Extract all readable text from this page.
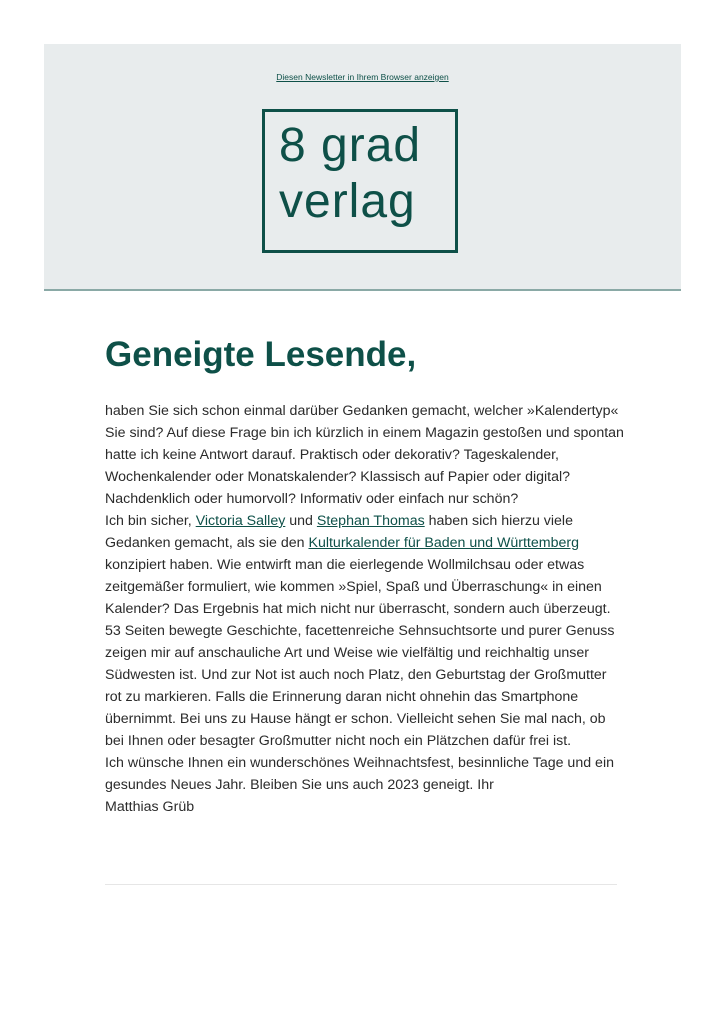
Diesen Newsletter in Ihrem Browser anzeigen
8 grad
verlag
Geneigte Lesende,

haben Sie sich schon einmal darüber Gedanken gemacht, welcher »Kalendertyp« Sie sind? Auf diese Frage bin ich kürzlich in einem Magazin gestoßen und spontan hatte ich keine Antwort darauf. Praktisch oder dekorativ? Tageskalender, Wochenkalender oder Monatskalender? Klassisch auf Papier oder digital? Nachdenklich oder humorvoll? Informativ oder einfach nur schön?

Ich bin sicher, Victoria Salley und Stephan Thomas haben sich hierzu viele Gedanken gemacht, als sie den Kulturkalender für Baden und Württemberg konzipiert haben. Wie entwirft man die eierlegende Wollmilchsau oder etwas zeitgemäßer formuliert, wie kommen »Spiel, Spaß und Überraschung« in einen Kalender? Das Ergebnis hat mich nicht nur überrascht, sondern auch überzeugt. 53 Seiten bewegte Geschichte, facettenreiche Sehnsuchtsorte und purer Genuss zeigen mir auf anschauliche Art und Weise wie vielfältig und reichhaltig unser Südwesten ist. Und zur Not ist auch noch Platz, den Geburtstag der Großmutter rot zu markieren. Falls die Erinnerung daran nicht ohnehin das Smartphone übernimmt. Bei uns zu Hause hängt er schon. Vielleicht sehen Sie mal nach, ob bei Ihnen oder besagter Großmutter nicht noch ein Plätzchen dafür frei ist.

Ich wünsche Ihnen ein wunderschönes Weihnachtsfest, besinnliche Tage und ein gesundes Neues Jahr. Bleiben Sie uns auch 2023 geneigt. Ihr

Matthias Grüb
